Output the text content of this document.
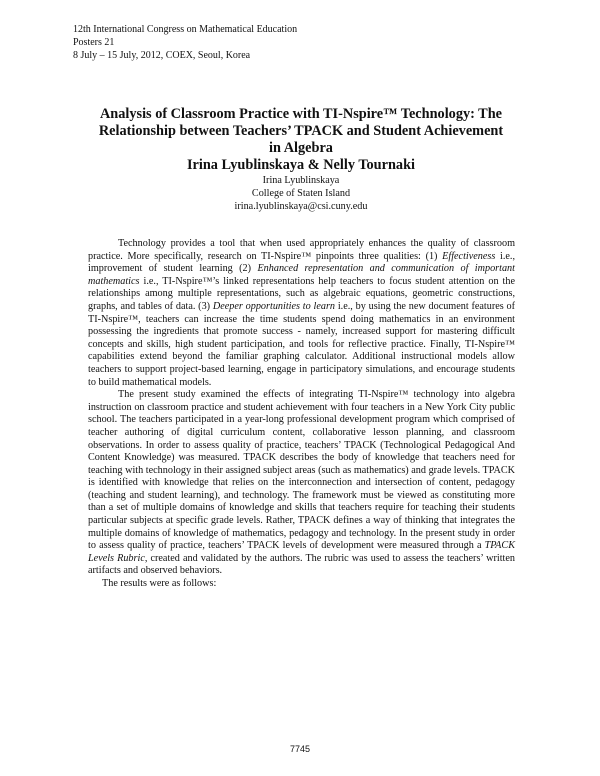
12th International Congress on Mathematical Education
Posters 21
8 July – 15 July, 2012, COEX, Seoul, Korea
Analysis of Classroom Practice with TI-Nspire™ Technology: The
Relationship between Teachers’ TPACK and Student Achievement
in Algebra
Irina Lyublinskaya & Nelly Tournaki
Irina Lyublinskaya
College of Staten Island
irina.lyublinskaya@csi.cuny.edu

Technology provides a tool that when used appropriately enhances the quality of classroom practice. More specifically, research on TI-Nspire™ pinpoints three qualities: (1) Effectiveness i.e., improvement of student learning (2) Enhanced representation and communication of important mathematics i.e., TI-Nspire™’s linked representations help teachers to focus student attention on the relationships among multiple representations, such as algebraic equations, geometric constructions, graphs, and tables of data. (3) Deeper opportunities to learn i.e., by using the new document features of TI-Nspire™, teachers can increase the time students spend doing mathematics in an environment possessing the ingredients that promote success - namely, increased support for mastering difficult concepts and skills, high student participation, and tools for reflective practice. Finally, TI-Nspire™ capabilities extend beyond the familiar graphing calculator. Additional instructional models allow teachers to support project-based learning, engage in participatory simulations, and encourage students to build mathematical models.

The present study examined the effects of integrating TI-Nspire™ technology into algebra instruction on classroom practice and student achievement with four teachers in a New York City public school. The teachers participated in a year-long professional development program which comprised of teacher authoring of digital curriculum content, collaborative lesson planning, and classroom observations. In order to assess quality of practice, teachers’ TPACK (Technological Pedagogical And Content Knowledge) was measured. TPACK describes the body of knowledge that teachers need for teaching with technology in their assigned subject areas (such as mathematics) and grade levels. TPACK is identified with knowledge that relies on the interconnection and intersection of content, pedagogy (teaching and student learning), and technology. The framework must be viewed as constituting more than a set of multiple domains of knowledge and skills that teachers require for teaching their students particular subjects at specific grade levels. Rather, TPACK defines a way of thinking that integrates the multiple domains of knowledge of mathematics, pedagogy and technology. In the present study in order to assess quality of practice, teachers’ TPACK levels of development were measured through a TPACK Levels Rubric, created and validated by the authors. The rubric was used to assess the teachers’ written artifacts and observed behaviors.

The results were as follows:

7745
